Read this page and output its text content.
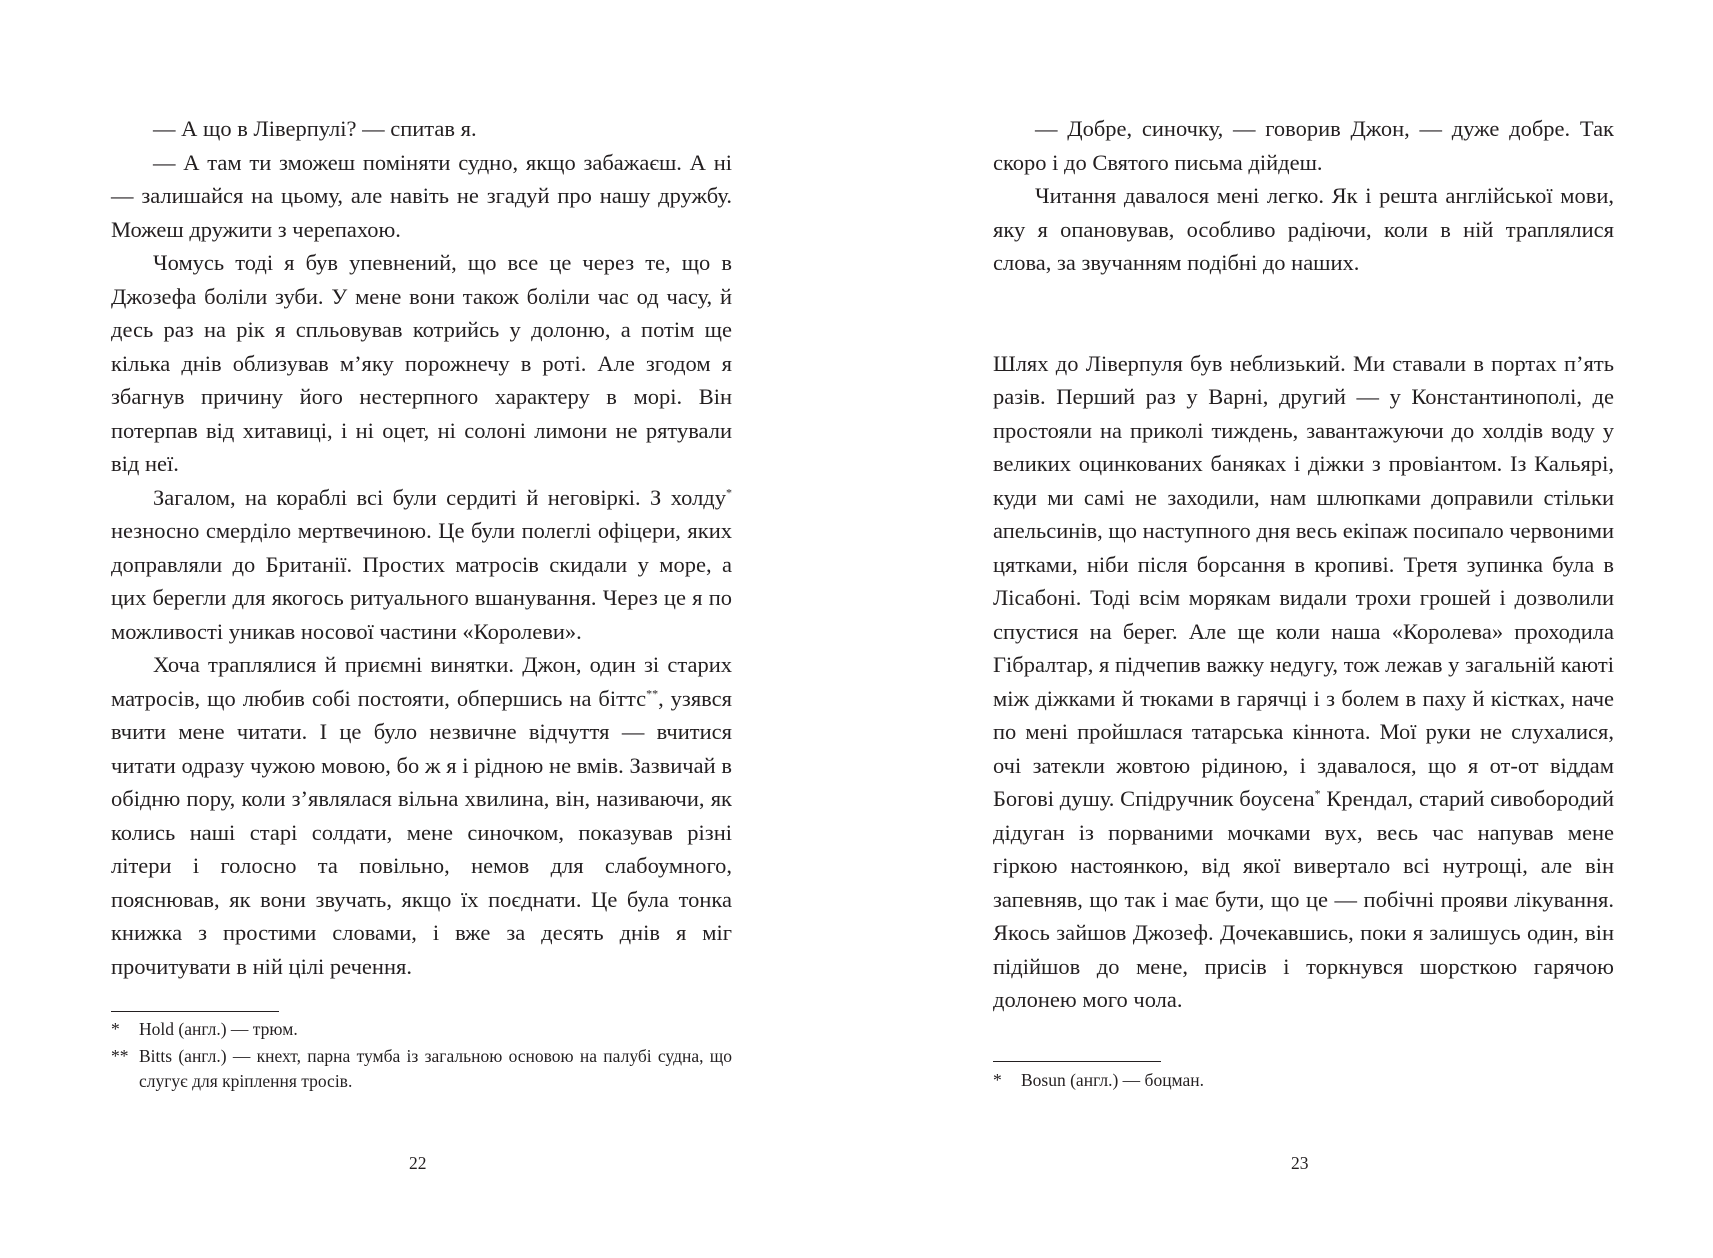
— А що в Ліверпулі? — спитав я.

— А там ти зможеш поміняти судно, якщо забажаєш. А ні — залишайся на цьому, але навіть не згадуй про нашу дружбу. Можеш дружити з черепахою.

Чомусь тоді я був упевнений, що все це через те, що в Джозефа боліли зуби. У мене вони також боліли час од часу, й десь раз на рік я спльовував котрийсь у долоню, а потім ще кілька днів облизував м’яку порожнечу в роті. Але згодом я збагнув причину його нестерпного характеру в морі. Він потерпав від хитавиці, і ні оцет, ні солоні лимони не рятували від неї.

Загалом, на кораблі всі були сердиті й неговіркі. З холду* незносно смерділо мертвечиною. Це були полеглі офіцери, яких доправляли до Британії. Простих матросів скидали у море, а цих берегли для якогось ритуального вшанування. Через це я по можливості уникав носової частини «Королеви».

Хоча траплялися й приємні винятки. Джон, один зі старих матросів, що любив собі постояти, обпершись на біттс**, узявся вчити мене читати. І це було незвичне відчуття — вчитися читати одразу чужою мовою, бо ж я і рідною не вмів. Зазвичай в обідню пору, коли з’являлася вільна хвилина, він, називаючи, як колись наші старі солдати, мене синочком, показував різні літери і голосно та повільно, немов для слабоумного, пояснював, як вони звучать, якщо їх поєднати. Це була тонка книжка з простими словами, і вже за десять днів я міг прочитувати в ній цілі речення.

* Hold (англ.) — трюм.
** Bitts (англ.) — кнехт, парна тумба із загальною основою на палубі судна, що слугує для кріплення тросів.
22

— Добре, синочку, — говорив Джон, — дуже добре. Так скоро і до Святого письма дійдеш.

Читання давалося мені легко. Як і решта англійської мови, яку я опановував, особливо радіючи, коли в ній траплялися слова, за звучанням подібні до наших.

Шлях до Ліверпуля був неблизький. Ми ставали в портах п’ять разів. Перший раз у Варні, другий — у Константинополі, де простояли на приколі тиждень, завантажуючи до холдів воду у великих оцинкованих баняках і діжки з провіантом. Із Кальярі, куди ми самі не заходили, нам шлюпками доправили стільки апельсинів, що наступного дня весь екіпаж посипало червоними цятками, ніби після борсання в кропиві. Третя зупинка була в Лісабоні. Тоді всім морякам видали трохи грошей і дозволили спустися на берег. Але ще коли наша «Королева» проходила Гібралтар, я підчепив важку недугу, тож лежав у загальній каюті між діжками й тюками в гарячці і з болем в паху й кістках, наче по мені пройшлася татарська кіннота. Мої руки не слухалися, очі затекли жовтою рідиною, і здавалося, що я от-от віддам Богові душу. Спідручник боусена* Крендал, старий сивобородий дідуган із порваними мочками вух, весь час напував мене гіркою настоянкою, від якої вивертало всі нутрощі, але він запевняв, що так і має бути, що це — побічні прояви лікування. Якось зайшов Джозеф. Дочекавшись, поки я залишусь один, він підійшов до мене, присів і торкнувся шорсткою гарячою долонею мого чола.

* Bosun (англ.) — боцман.
23
